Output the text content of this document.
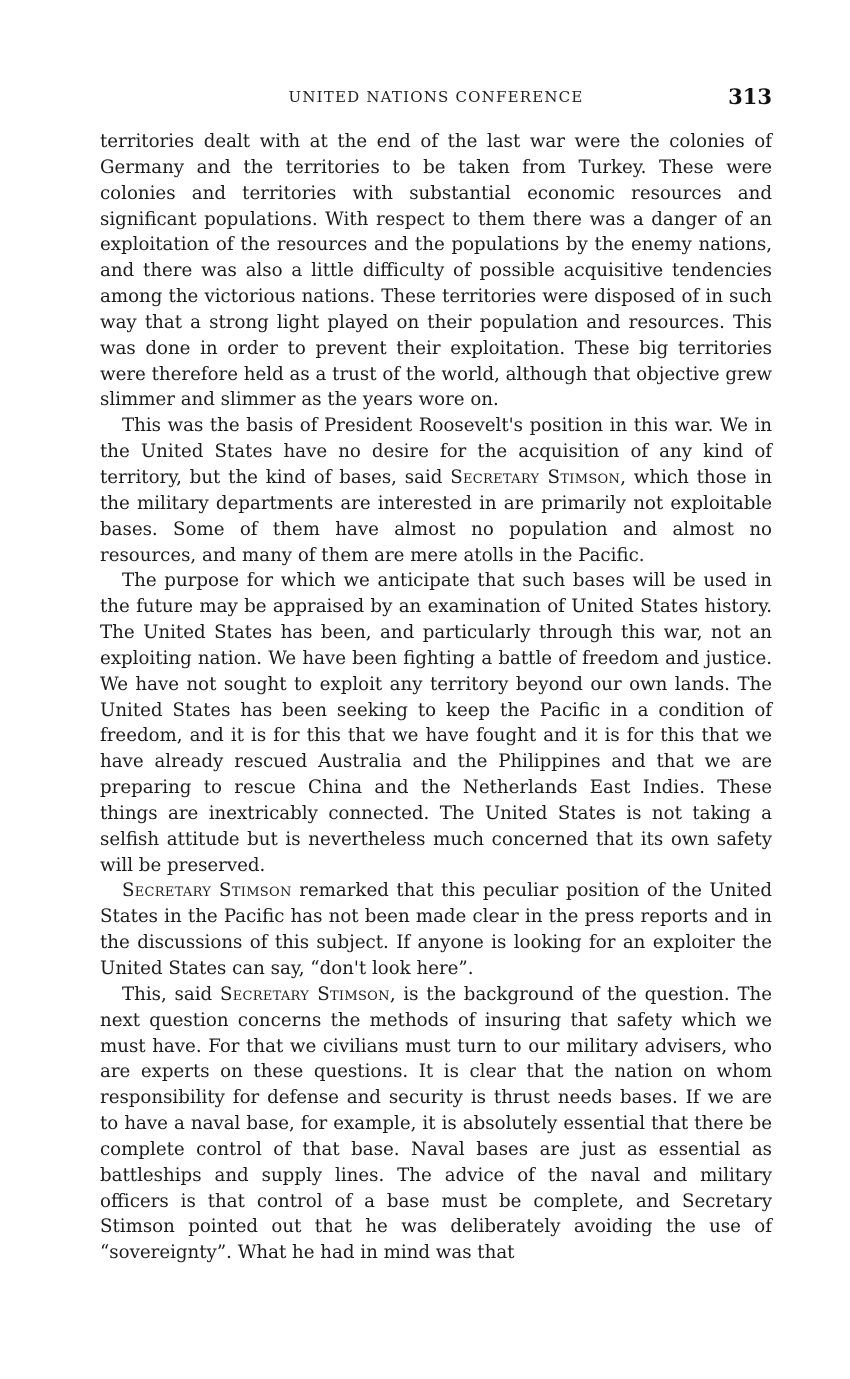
UNITED NATIONS CONFERENCE	313

territories dealt with at the end of the last war were the colonies of Germany and the territories to be taken from Turkey. These were colonies and territories with substantial economic resources and significant populations. With respect to them there was a danger of an exploitation of the resources and the populations by the enemy nations, and there was also a little difficulty of possible acquisitive tendencies among the victorious nations. These territories were disposed of in such way that a strong light played on their population and resources. This was done in order to prevent their exploitation. These big territories were therefore held as a trust of the world, although that objective grew slimmer and slimmer as the years wore on.

This was the basis of President Roosevelt's position in this war. We in the United States have no desire for the acquisition of any kind of territory, but the kind of bases, said Secretary Stimson, which those in the military departments are interested in are primarily not exploitable bases. Some of them have almost no population and almost no resources, and many of them are mere atolls in the Pacific.

The purpose for which we anticipate that such bases will be used in the future may be appraised by an examination of United States history. The United States has been, and particularly through this war, not an exploiting nation. We have been fighting a battle of freedom and justice. We have not sought to exploit any territory beyond our own lands. The United States has been seeking to keep the Pacific in a condition of freedom, and it is for this that we have fought and it is for this that we have already rescued Australia and the Philippines and that we are preparing to rescue China and the Netherlands East Indies. These things are inextricably connected. The United States is not taking a selfish attitude but is nevertheless much concerned that its own safety will be preserved.

Secretary Stimson remarked that this peculiar position of the United States in the Pacific has not been made clear in the press reports and in the discussions of this subject. If anyone is looking for an exploiter the United States can say, “don't look here”.

This, said Secretary Stimson, is the background of the question. The next question concerns the methods of insuring that safety which we must have. For that we civilians must turn to our military advisers, who are experts on these questions. It is clear that the nation on whom responsibility for defense and security is thrust needs bases. If we are to have a naval base, for example, it is absolutely essential that there be complete control of that base. Naval bases are just as essential as battleships and supply lines. The advice of the naval and military officers is that control of a base must be complete, and Secretary Stimson pointed out that he was deliberately avoiding the use of “sovereignty”. What he had in mind was that
